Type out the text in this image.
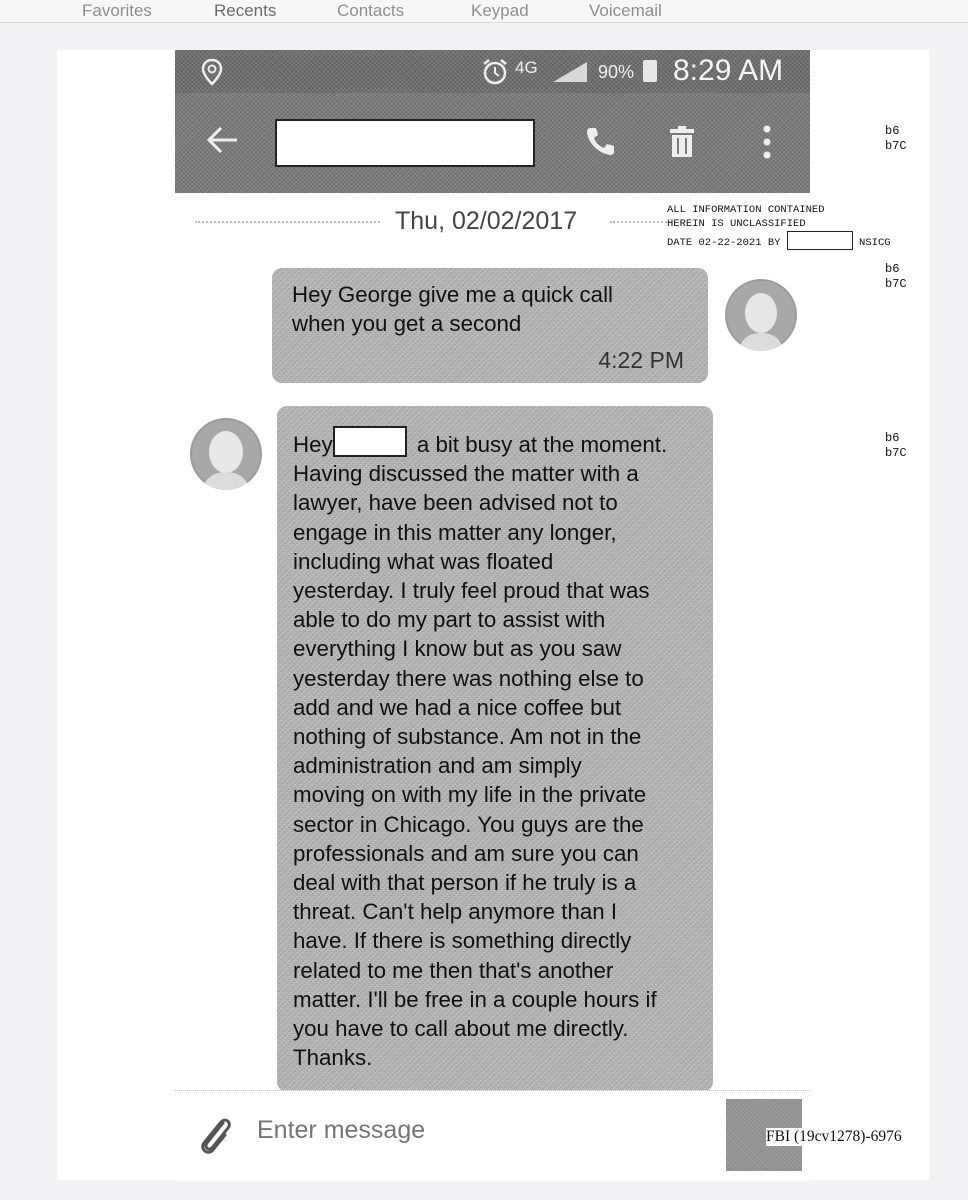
Favorites	Recents	Contacts	Keypad	Voicemail
4G	90% 8:29 AM
Thu, 02/02/2017
Hey George give me a quick call
when you get a second
4:22 PM
Hey	a bit busy at the moment.
Having discussed the matter with a
lawyer, have been advised not to
engage in this matter any longer,
including what was floated
yesterday. I truly feel proud that was
able to do my part to assist with
everything I know but as you saw
yesterday there was nothing else to
add and we had a nice coffee but
nothing of substance. Am not in the
administration and am simply
moving on with my life in the private
sector in Chicago. You guys are the
professionals and am sure you can
deal with that person if he truly is a
threat. Can't help anymore than I
have. If there is something directly
related to me then that's another
matter. I'll be free in a couple hours if
you have to call about me directly.
Thanks.
Enter message
b6
b7C
b6
b7C
b6
b7C
ALL INFORMATION CONTAINED
HEREIN IS UNCLASSIFIED
DATE 02-22-2021 BY	NSICG
FBI (19cv1278)-6976
